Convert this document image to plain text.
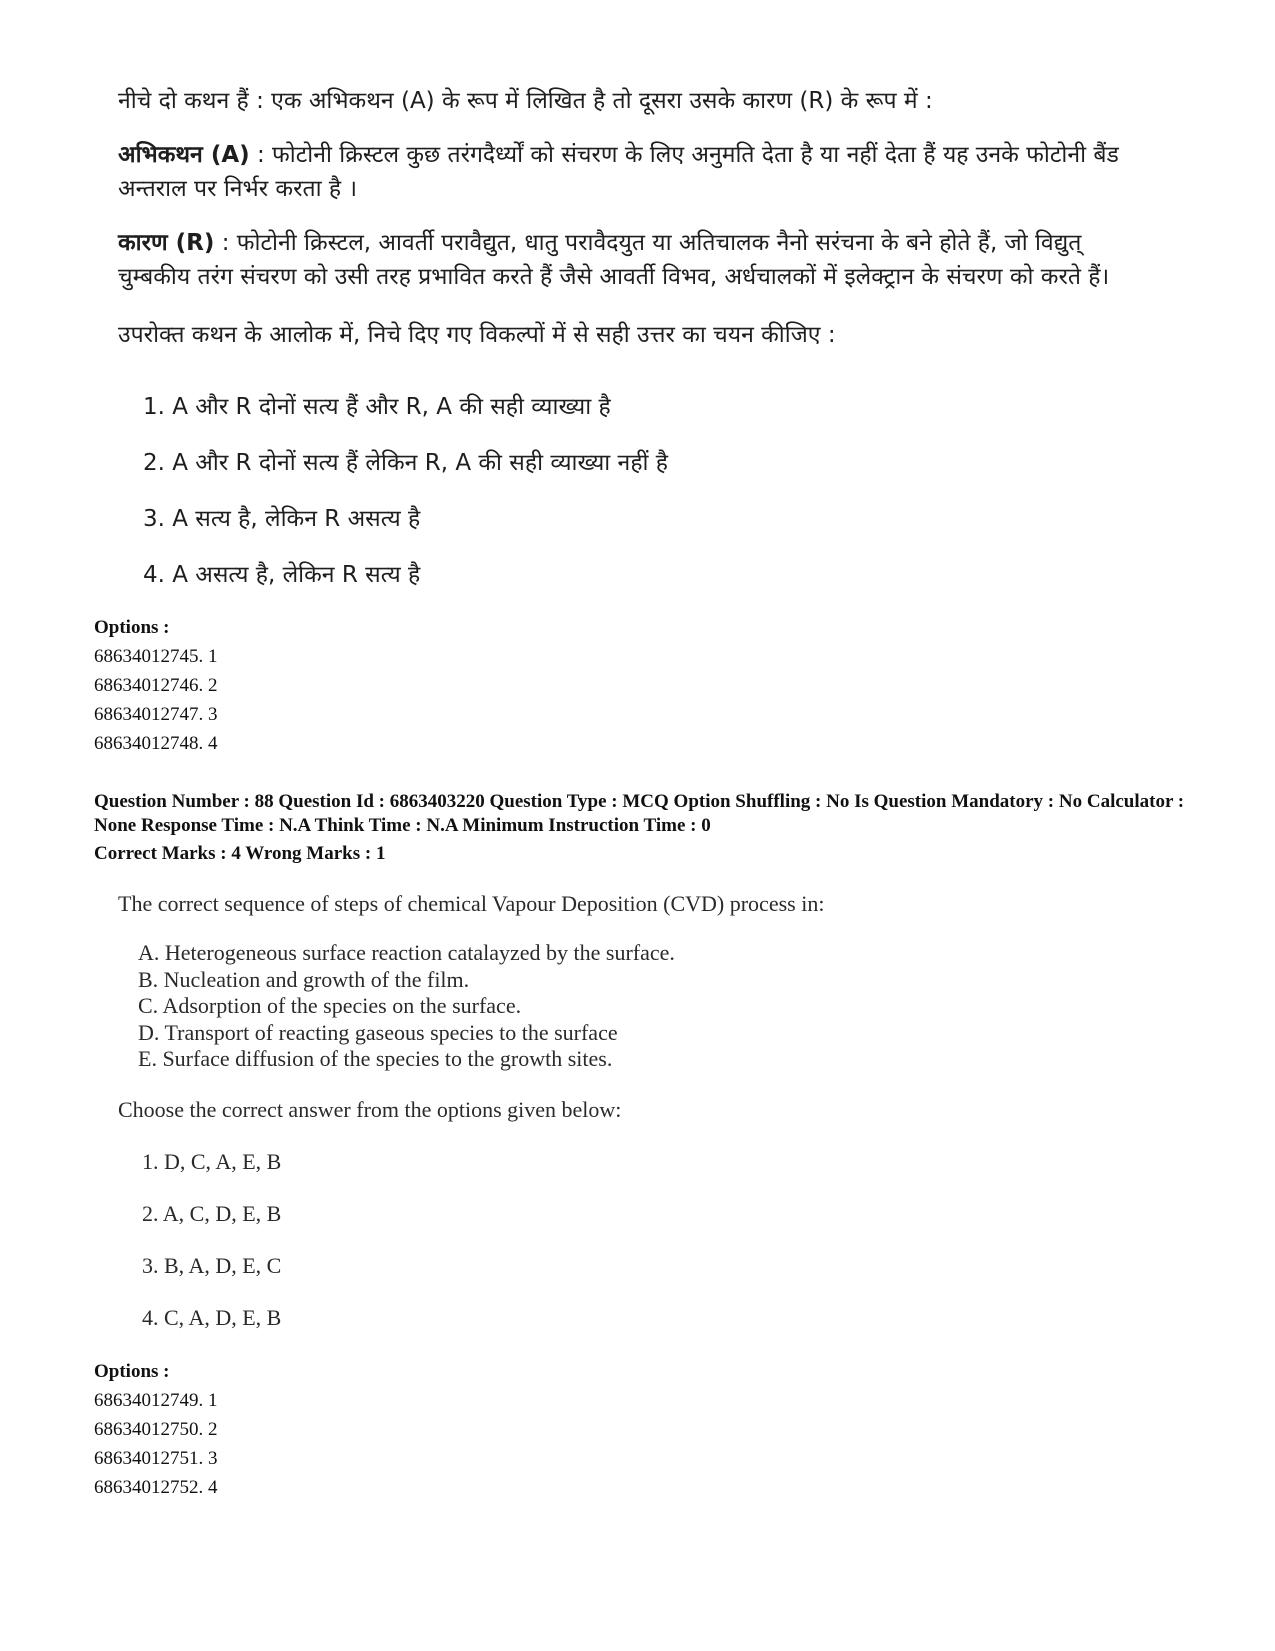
नीचे दो कथन हैं : एक अभिकथन (A) के रूप में लिखित है तो दूसरा उसके कारण (R) के रूप में :

अभिकथन (A) : फोटोनी क्रिस्टल कुछ तरंगदैर्ध्यों को संचरण के लिए अनुमति देता है या नहीं देता हैं यह उनके फोटोनी बैंड अन्तराल पर निर्भर करता है ।

कारण (R) : फोटोनी क्रिस्टल, आवर्ती परावैद्युत, धातु परावैदयुत या अतिचालक नैनो सरंचना के बने होते हैं, जो विद्युत् चुम्बकीय तरंग संचरण को उसी तरह प्रभावित करते हैं जैसे आवर्ती विभव, अर्धचालकों में इलेक्ट्रान के संचरण को करते हैं।

उपरोक्त कथन के आलोक में, निचे दिए गए विकल्पों में से सही उत्तर का चयन कीजिए :

1. A और R दोनों सत्य हैं और R, A की सही व्याख्या है

2. A और R दोनों सत्य हैं लेकिन R, A की सही व्याख्या नहीं है

3. A सत्य है, लेकिन R असत्य है

4. A असत्य है, लेकिन R सत्य है

Options :
68634012745. 1
68634012746. 2
68634012747. 3
68634012748. 4
Question Number : 88 Question Id : 6863403220 Question Type : MCQ Option Shuffling : No Is Question Mandatory : No Calculator : None Response Time : N.A Think Time : N.A Minimum Instruction Time : 0
Correct Marks : 4 Wrong Marks : 1
The correct sequence of steps of chemical Vapour Deposition (CVD) process in:
A. Heterogeneous surface reaction catalayzed by the surface.
B. Nucleation and growth of the film.
C. Adsorption of the species on the surface.
D. Transport of reacting gaseous species to the surface
E. Surface diffusion of the species to the growth sites.
Choose the correct answer from the options given below:
1. D, C, A, E, B
2. A, C, D, E, B
3. B, A, D, E, C
4. C, A, D, E, B
Options :
68634012749. 1
68634012750. 2
68634012751. 3
68634012752. 4
